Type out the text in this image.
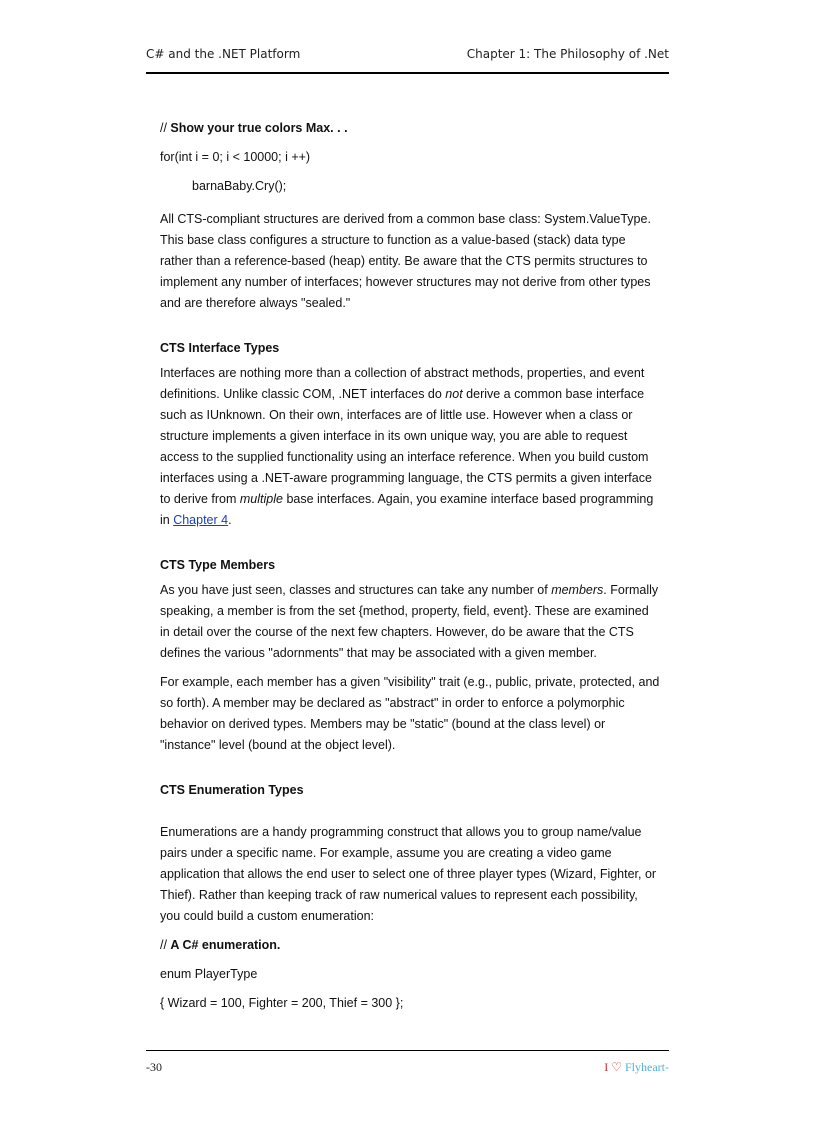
C# and the .NET Platform	Chapter 1: The Philosophy of .Net

// Show your true colors Max. . .

for(int i = 0; i < 10000; i ++)

barnaBaby.Cry();

All CTS-compliant structures are derived from a common base class: System.ValueType. This base class configures a structure to function as a value-based (stack) data type rather than a reference-based (heap) entity. Be aware that the CTS permits structures to implement any number of interfaces; however structures may not derive from other types and are therefore always "sealed."

CTS Interface Types

Interfaces are nothing more than a collection of abstract methods, properties, and event definitions. Unlike classic COM, .NET interfaces do not derive a common base interface such as IUnknown. On their own, interfaces are of little use. However when a class or structure implements a given interface in its own unique way, you are able to request access to the supplied functionality using an interface reference. When you build custom interfaces using a .NET-aware programming language, the CTS permits a given interface to derive from multiple base interfaces. Again, you examine interface based programming in Chapter 4.

CTS Type Members

As you have just seen, classes and structures can take any number of members. Formally speaking, a member is from the set {method, property, field, event}. These are examined in detail over the course of the next few chapters. However, do be aware that the CTS defines the various "adornments" that may be associated with a given member.

For example, each member has a given "visibility" trait (e.g., public, private, protected, and so forth). A member may be declared as "abstract" in order to enforce a polymorphic behavior on derived types. Members may be "static" (bound at the class level) or "instance" level (bound at the object level).

CTS Enumeration Types

Enumerations are a handy programming construct that allows you to group name/value pairs under a specific name. For example, assume you are creating a video game application that allows the end user to select one of three player types (Wizard, Fighter, or Thief). Rather than keeping track of raw numerical values to represent each possibility, you could build a custom enumeration:

// A C# enumeration.

enum PlayerType

{ Wizard = 100, Fighter = 200, Thief = 300 };

-30	I ♡ Flyheart-
